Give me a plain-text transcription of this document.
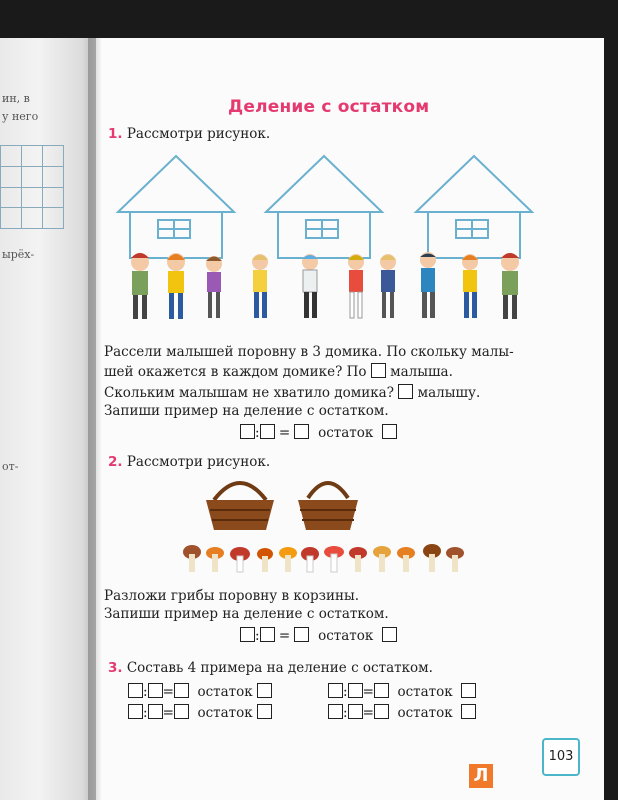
ин, в
у него
ырёх-
от-
Деление с остатком
1. Рассмотри рисунок.
Рассели малышей поровну в 3 домика. По скольку малы-
шей окажется в каждом домике? По малыша.
Скольким малышам не хватило домика? малышу.
Запиши пример на деление с остатком.
: = остаток
2. Рассмотри рисунок.
Разложи грибы поровну в корзины.
Запиши пример на деление с остатком.
: = остаток
3. Составь 4 примера на деление с остатком.
: = остаток	: = остаток
: = остаток	: = остаток
103
Л
